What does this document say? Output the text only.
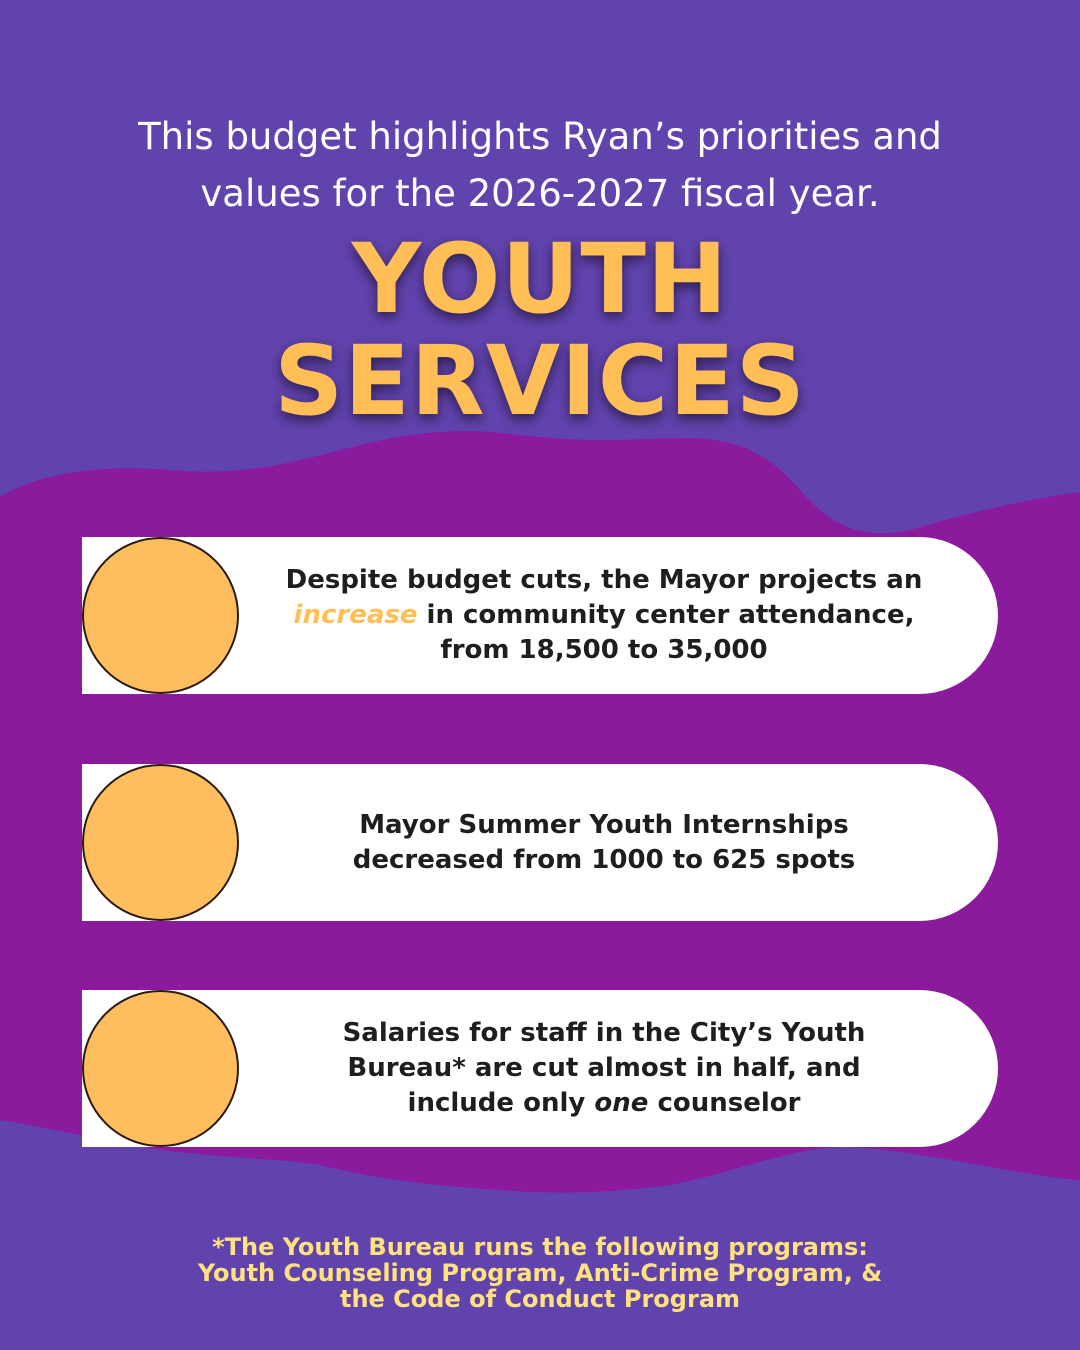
This budget highlights Ryan’s priorities and
values for the 2026-2027 fiscal year.
YOUTH
SERVICES
Despite budget cuts, the Mayor projects an
increase in community center attendance,
from 18,500 to 35,000
Mayor Summer Youth Internships
decreased from 1000 to 625 spots
Salaries for staff in the City’s Youth
Bureau* are cut almost in half, and
include only one counselor
*The Youth Bureau runs the following programs:
Youth Counseling Program, Anti-Crime Program, &
the Code of Conduct Program
